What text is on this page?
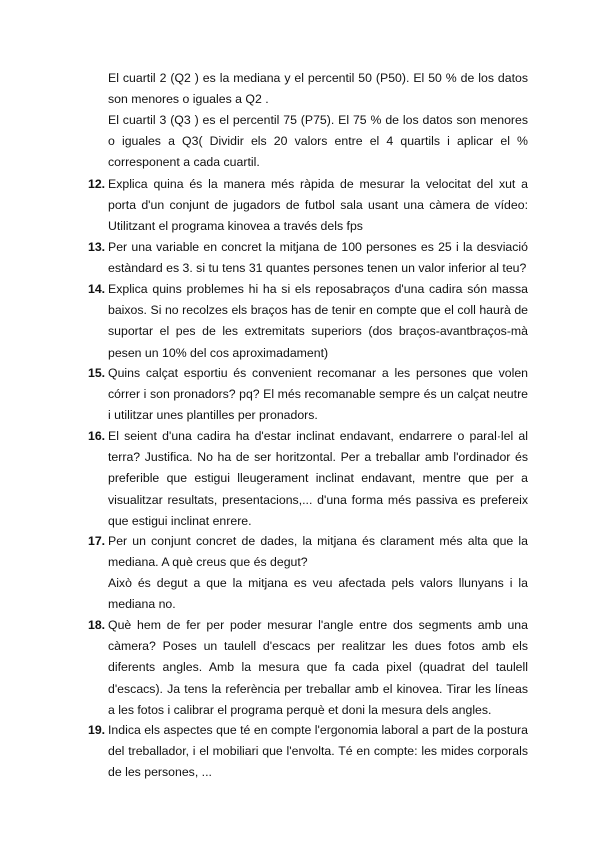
El cuartil 2 (Q2 ) es la mediana y el percentil 50 (P50). El 50 % de los datos son menores o iguales a Q2 .
El cuartil 3 (Q3 ) es el percentil 75 (P75). El 75 % de los datos son menores o iguales a Q3( Dividir els 20 valors entre el 4 quartils i aplicar el % corresponent a cada cuartil.
12. Explica quina és la manera més ràpida de mesurar la velocitat del xut a porta d'un conjunt de jugadors de futbol sala usant una càmera de vídeo: Utilitzant el programa kinovea a través dels fps
13. Per una variable en concret la mitjana de 100 persones es 25 i la desviació estàndard es 3. si tu tens 31 quantes persones tenen un valor inferior al teu?
14. Explica quins problemes hi ha si els reposabraços d'una cadira són massa baixos. Si no recolzes els braços has de tenir en compte que el coll haurà de suportar el pes de les extremitats superiors (dos braços-avantbraços-mà pesen un 10% del cos aproximadament)
15. Quins calçat esportiu és convenient recomanar a les persones que volen córrer i son pronadors? pq? El més recomanable sempre és un calçat neutre i utilitzar unes plantilles per pronadors.
16. El seient d'una cadira ha d'estar inclinat endavant, endarrere o paral·lel al terra? Justifica. No ha de ser horitzontal. Per a treballar amb l'ordinador és preferible que estigui lleugerament inclinat endavant, mentre que per a visualitzar resultats, presentacions,... d'una forma més passiva es prefereix que estigui inclinat enrere.
17. Per un conjunt concret de dades, la mitjana és clarament més alta que la mediana. A què creus que és degut?
Això és degut a que la mitjana es veu afectada pels valors llunyans i la mediana no.
18. Què hem de fer per poder mesurar l'angle entre dos segments amb una càmera? Poses un taulell d'escacs per realitzar les dues fotos amb els diferents angles. Amb la mesura que fa cada pixel (quadrat del taulell d'escacs). Ja tens la referència per treballar amb el kinovea. Tirar les líneas a les fotos i calibrar el programa perquè et doni la mesura dels angles.
19. Indica els aspectes que té en compte l'ergonomia laboral a part de la postura del treballador, i el mobiliari que l'envolta. Té en compte: les mides corporals de les persones, ...
